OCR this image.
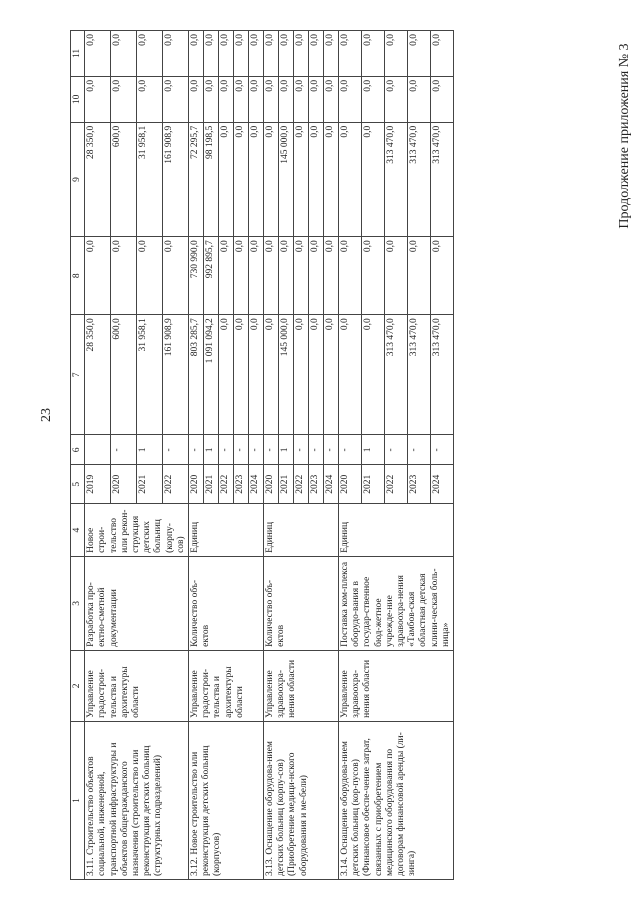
23
Продолжение приложения № 3
1	2	3	4	5	6	7	8	9	10	11
3.11. Строительство объектов социальной, инженерной, транспортной инфраструктуры и объектов общегражданского назначения (строительство или реконструкция детских больниц (структурных подразделений)	Управление градострои-тельства и архитектуры области	Разработка про-ектно-сметной документации	Новое строи-тельство или рекон-струкция детских больниц (корпу-сов)	2019		28 350,0	0,0	28 350,0	0,0	0,0
				2020	-	600,0	0,0	600,0	0,0	0,0
				2021	1	31 958,1	0,0	31 958,1	0,0	0,0
				2022	-	161 908,9	0,0	161 908,9	0,0	0,0
3.12. Новое строительство или реконструкция детских больниц (корпусов)	Управление градострои-тельства и архитектуры области	Количество объ-ектов	Единиц	2020	-	803 285,7	730 990,0	72 295,7	0,0	0,0
				2021	1	1 091 094,2	992 895,7	98 198,5	0,0	0,0
				2022	-	0,0	0,0	0,0	0,0	0,0
				2023	-	0,0	0,0	0,0	0,0	0,0
				2024	-	0,0	0,0	0,0	0,0	0,0
3.13. Оснащение оборудова-нием детских больниц (корпу-сов) (Приобретение медици-нского оборудования и ме-бели)	Управление здравоохра-нения области	Количество объ-ектов	Единиц	2020	-	0,0	0,0	0,0	0,0	0,0
				2021	1	145 000,0	0,0	145 000,0	0,0	0,0
				2022	-	0,0	0,0	0,0	0,0	0,0
				2023	-	0,0	0,0	0,0	0,0	0,0
				2024	-	0,0	0,0	0,0	0,0	0,0
3.14. Оснащение оборудова-нием детских больниц (кор-пусов) (Финансовое обеспе-чение затрат, связанных с приобретением медицинского оборудования по договорам финансовой аренды (ли-зинга)	Управление здравоохра-нения области	Поставка ком-плекса оборудо-вания в государ-ственное бюд-жетное учрежде-ние здравоохра-нения «Тамбов-ская областная детская клини-ческая боль-ница»	Единиц	2020	-	0,0	0,0	0,0	0,0	0,0
				2021	1	0,0	0,0	0,0	0,0	0,0
				2022	-	313 470,0	0,0	313 470,0	0,0	0,0
				2023	-	313 470,0	0,0	313 470,0	0,0	0,0
				2024	-	313 470,0	0,0	313 470,0	0,0	0,0
